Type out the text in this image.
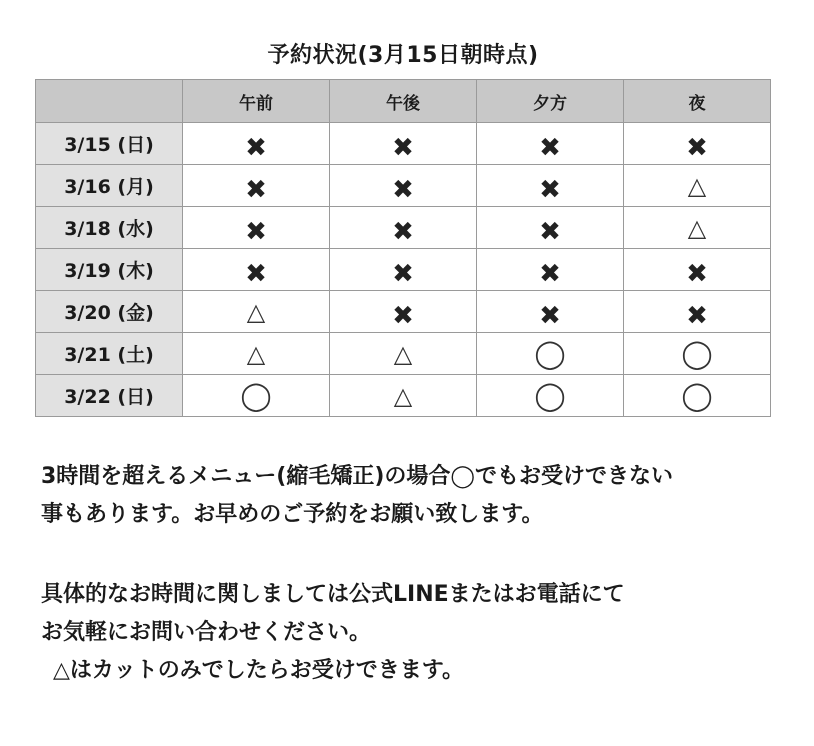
予約状況(3月15日朝時点)
	午前	午後	夕方	夜
3/15 (日)	✖	✖	✖	✖
3/16 (月)	✖	✖	✖	△
3/18 (水)	✖	✖	✖	△
3/19 (木)	✖	✖	✖	✖
3/20 (金)	△	✖	✖	✖
3/21 (土)	△	△	◯	◯
3/22 (日)	◯	△	◯	◯

3時間を超えるメニュー(縮毛矯正)の場合◯でもお受けできない

事もあります。お早めのご予約をお願い致します。

具体的なお時間に関しましては公式LINEまたはお電話にて

お気軽にお問い合わせください。

△はカットのみでしたらお受けできます。
